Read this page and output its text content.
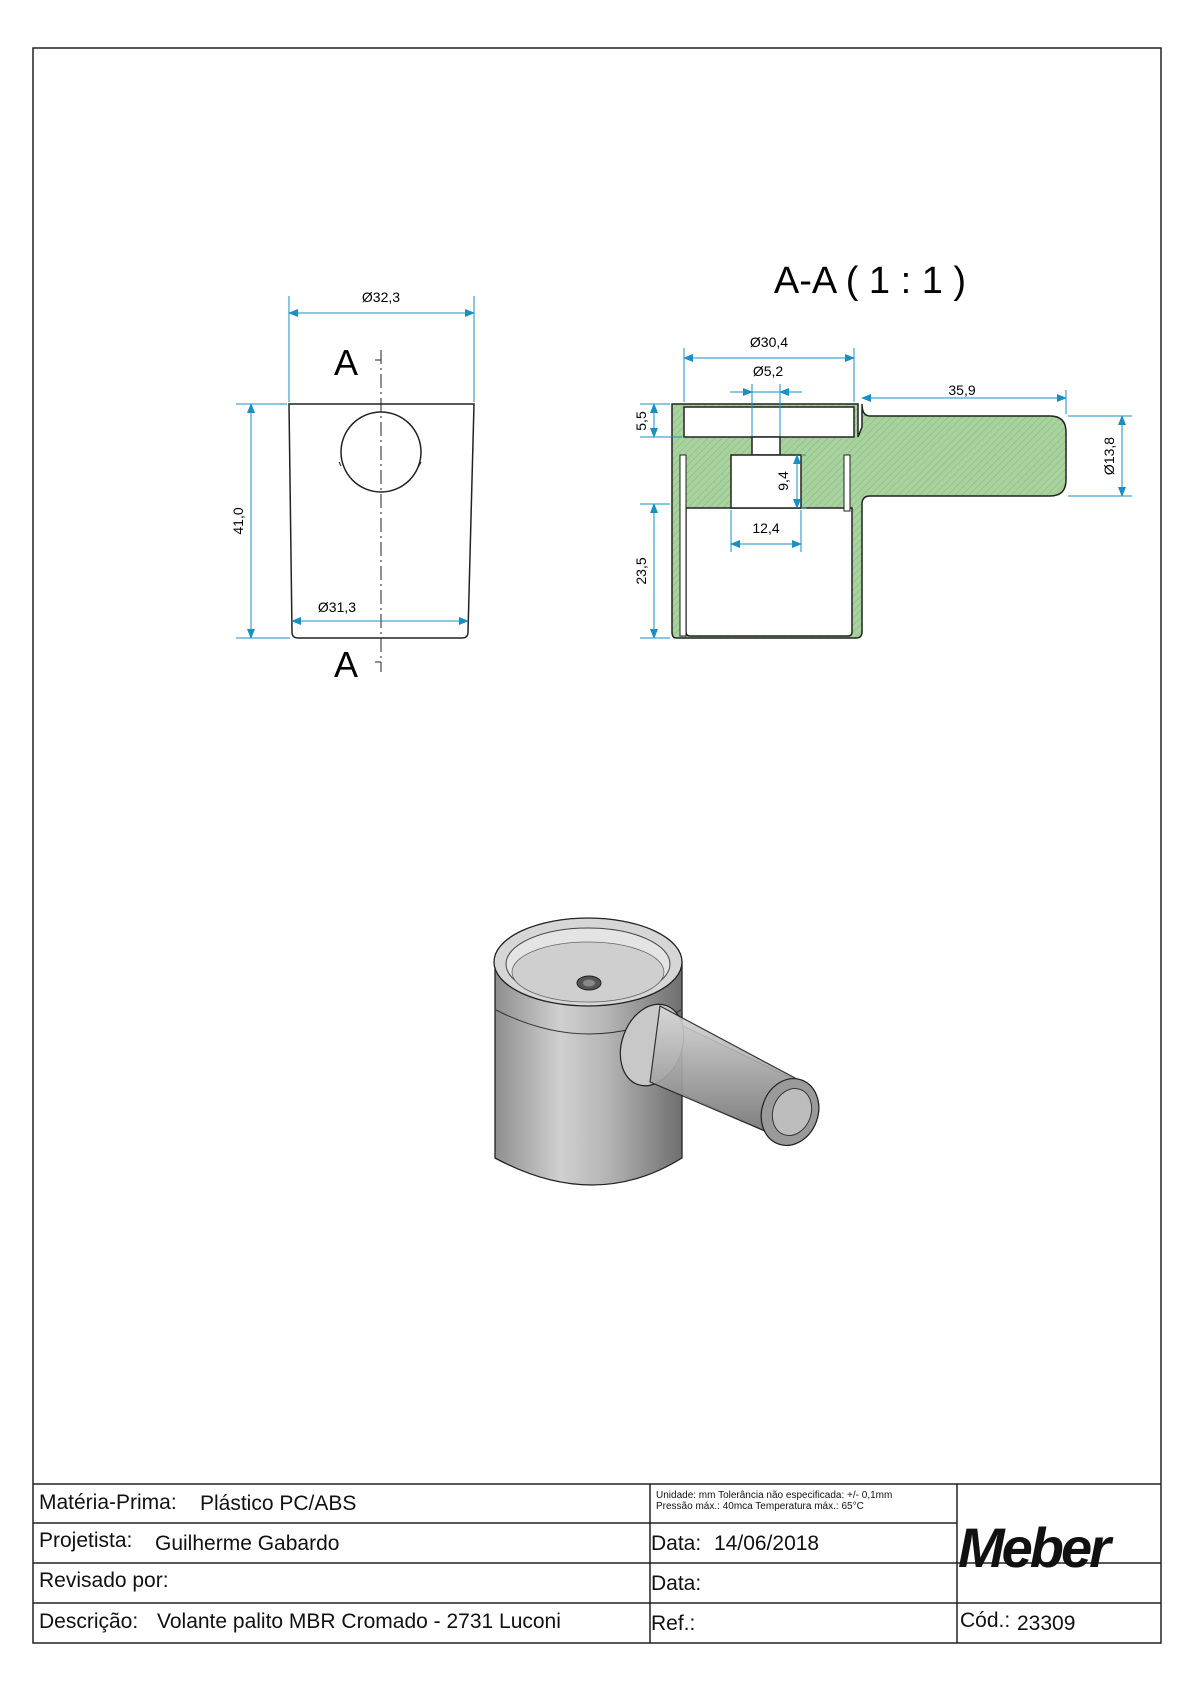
Ø32,3
41,0
Ø31,3
A
A
A-A ( 1 : 1 )
Ø30,4
Ø5,2
35,9
5,5
9,4
Ø13,8
12,4
23,5
Matéria-Prima: Plástico PC/ABS
Projetista: Guilherme Gabardo
Revisado por:
Descrição: Volante palito MBR Cromado - 2731 Luconi
Unidade: mm Tolerância não especificada: +/- 0,1mm
Pressão máx.: 40mca Temperatura máx.: 65°C
Data: 14/06/2018
Data:
Ref.:	Cód.: 23309
Meber
